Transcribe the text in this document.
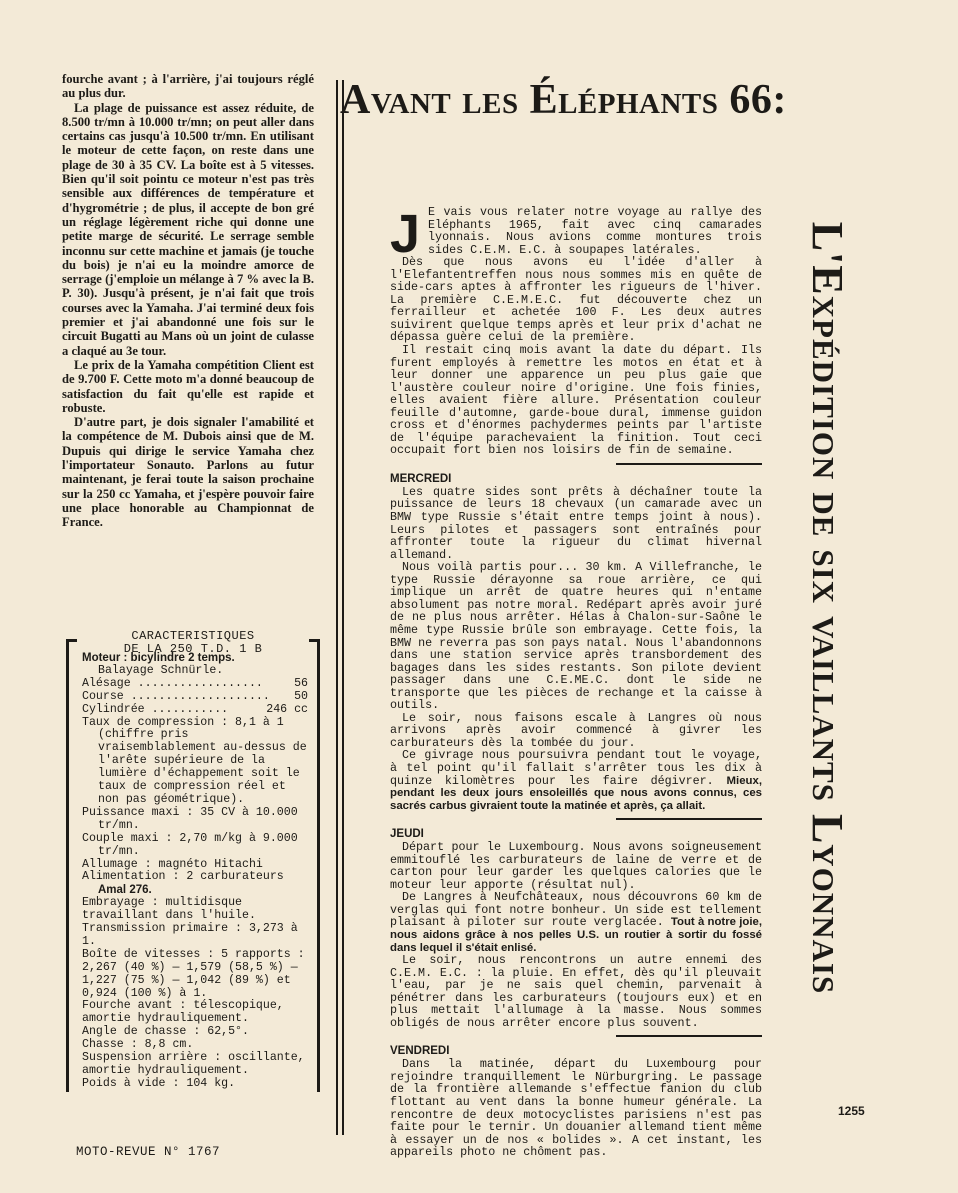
fourche avant ; à l'arrière, j'ai toujours réglé au plus dur.

La plage de puissance est assez réduite, de 8.500 tr/mn à 10.000 tr/mn; on peut aller dans certains cas jusqu'à 10.500 tr/mn. En utilisant le moteur de cette façon, on reste dans une plage de 30 à 35 CV. La boîte est à 5 vitesses. Bien qu'il soit pointu ce moteur n'est pas très sensible aux différences de température et d'hygrométrie ; de plus, il accepte de bon gré un réglage légèrement riche qui donne une petite marge de sécurité. Le serrage semble inconnu sur cette machine et jamais (je touche du bois) je n'ai eu la moindre amorce de serrage (j'emploie un mélange à 7 % avec la B. P. 30). Jusqu'à présent, je n'ai fait que trois courses avec la Yamaha. J'ai terminé deux fois premier et j'ai abandonné une fois sur le circuit Bugatti au Mans où un joint de culasse a claqué au 3e tour.

Le prix de la Yamaha compétition Client est de 9.700 F. Cette moto m'a donné beaucoup de satisfaction du fait qu'elle est rapide et robuste.

D'autre part, je dois signaler l'amabilité et la compétence de M. Dubois ainsi que de M. Dupuis qui dirige le service Yamaha chez l'importateur Sonauto. Parlons au futur maintenant, je ferai toute la saison prochaine sur la 250 cc Yamaha, et j'espère pouvoir faire une place honorable au Championnat de France.

CARACTERISTIQUES
DE LA 250 T.D. 1 B
Moteur : bicylindre 2 temps.
Balayage Schnürle.
Alésage ..................	56
Course .................... 50
Cylindrée ...........	246 cc
Taux de compression : 8,1 à 1
(chiffre pris vraisemblablement au-dessus de l'arête supérieure de la lumière d'échappement soit le taux de compression réel et non pas géométrique).
Puissance maxi : 35 CV à 10.000
tr/mn.
Couple maxi : 2,70 m/kg à 9.000
tr/mn.
Allumage : magnéto Hitachi
Alimentation : 2 carburateurs
Amal 276.
Embrayage : multidisque travaillant dans l'huile.
Transmission primaire : 3,273 à 1.
Boîte de vitesses : 5 rapports : 2,267 (40 %) — 1,579 (58,5 %) — 1,227 (75 %) — 1,042 (89 %) et 0,924 (100 %) à 1.
Fourche avant : télescopique, amortie hydrauliquement.
Angle de chasse : 62,5°.
Chasse : 8,8 cm.
Suspension arrière : oscillante, amortie hydrauliquement.
Poids à vide : 104 kg.
Avant les Éléphants 66:
L'Expédition de six vaillants Lyonnais

J E vais vous relater notre voyage au rallye des Eléphants 1965, fait avec cinq camarades lyonnais. Nous avions comme montures trois sides C.E.M. E.C. à soupapes latérales.

Dès que nous avons eu l'idée d'aller à l'Elefantentreffen nous nous sommes mis en quête de side-cars aptes à affronter les rigueurs de l'hiver. La première C.E.M.E.C. fut découverte chez un ferrailleur et achetée 100 F. Les deux autres suivirent quelque temps après et leur prix d'achat ne dépassa guère celui de la première.

Il restait cinq mois avant la date du départ. Ils furent employés à remettre les motos en état et à leur donner une apparence un peu plus gaie que l'austère couleur noire d'origine. Une fois finies, elles avaient fière allure. Présentation couleur feuille d'automne, garde-boue dural, immense guidon cross et d'énormes pachydermes peints par l'artiste de l'équipe parachevaient la finition. Tout ceci occupait fort bien nos loisirs de fin de semaine.

MERCREDI

Les quatre sides sont prêts à déchaîner toute la puissance de leurs 18 chevaux (un camarade avec un BMW type Russie s'était entre temps joint à nous). Leurs pilotes et passagers sont entraînés pour affronter toute la rigueur du climat hivernal allemand.

Nous voilà partis pour... 30 km. A Villefranche, le type Russie dérayonne sa roue arrière, ce qui implique un arrêt de quatre heures qui n'entame absolument pas notre moral. Redépart après avoir juré de ne plus nous arrêter. Hélas à Chalon-sur-Saône le même type Russie brûle son embrayage. Cette fois, la BMW ne reverra pas son pays natal. Nous l'abandonnons dans une station service après transbordement des bagages dans les sides restants. Son pilote devient passager dans une C.E.ME.C. dont le side ne transporte que les pièces de rechange et la caisse à outils.

Le soir, nous faisons escale à Langres où nous arrivons après avoir commencé à givrer les carburateurs dès la tombée du jour.

Ce givrage nous poursuivra pendant tout le voyage, à tel point qu'il fallait s'arrêter tous les dix à quinze kilomètres pour les faire dégivrer. Mieux, pendant les deux jours ensoleillés que nous avons connus, ces sacrés carbus givraient toute la matinée et après, ça allait.

JEUDI

Départ pour le Luxembourg. Nous avons soigneusement emmitouflé les carburateurs de laine de verre et de carton pour leur garder les quelques calories que le moteur leur apporte (résultat nul).

De Langres à Neufchâteaux, nous découvrons 60 km de verglas qui font notre bonheur. Un side est tellement plaisant à piloter sur route verglacée. Tout à notre joie, nous aidons grâce à nos pelles U.S. un routier à sortir du fossé dans lequel il s'était enlisé.

Le soir, nous rencontrons un autre ennemi des C.E.M. E.C. : la pluie. En effet, dès qu'il pleuvait l'eau, par je ne sais quel chemin, parvenait à pénétrer dans les carburateurs (toujours eux) et en plus mettait l'allumage à la masse. Nous sommes obligés de nous arrêter encore plus souvent.

VENDREDI

Dans la matinée, départ du Luxembourg pour rejoindre tranquillement le Nürburgring. Le passage de la frontière allemande s'effectue fanion du club flottant au vent dans la bonne humeur générale. La rencontre de deux motocyclistes parisiens n'est pas faite pour le ternir. Un douanier allemand tient même à essayer un de nos « bolides ». A cet instant, les appareils photo ne chôment pas.

MOTO-REVUE N° 1767
1255
